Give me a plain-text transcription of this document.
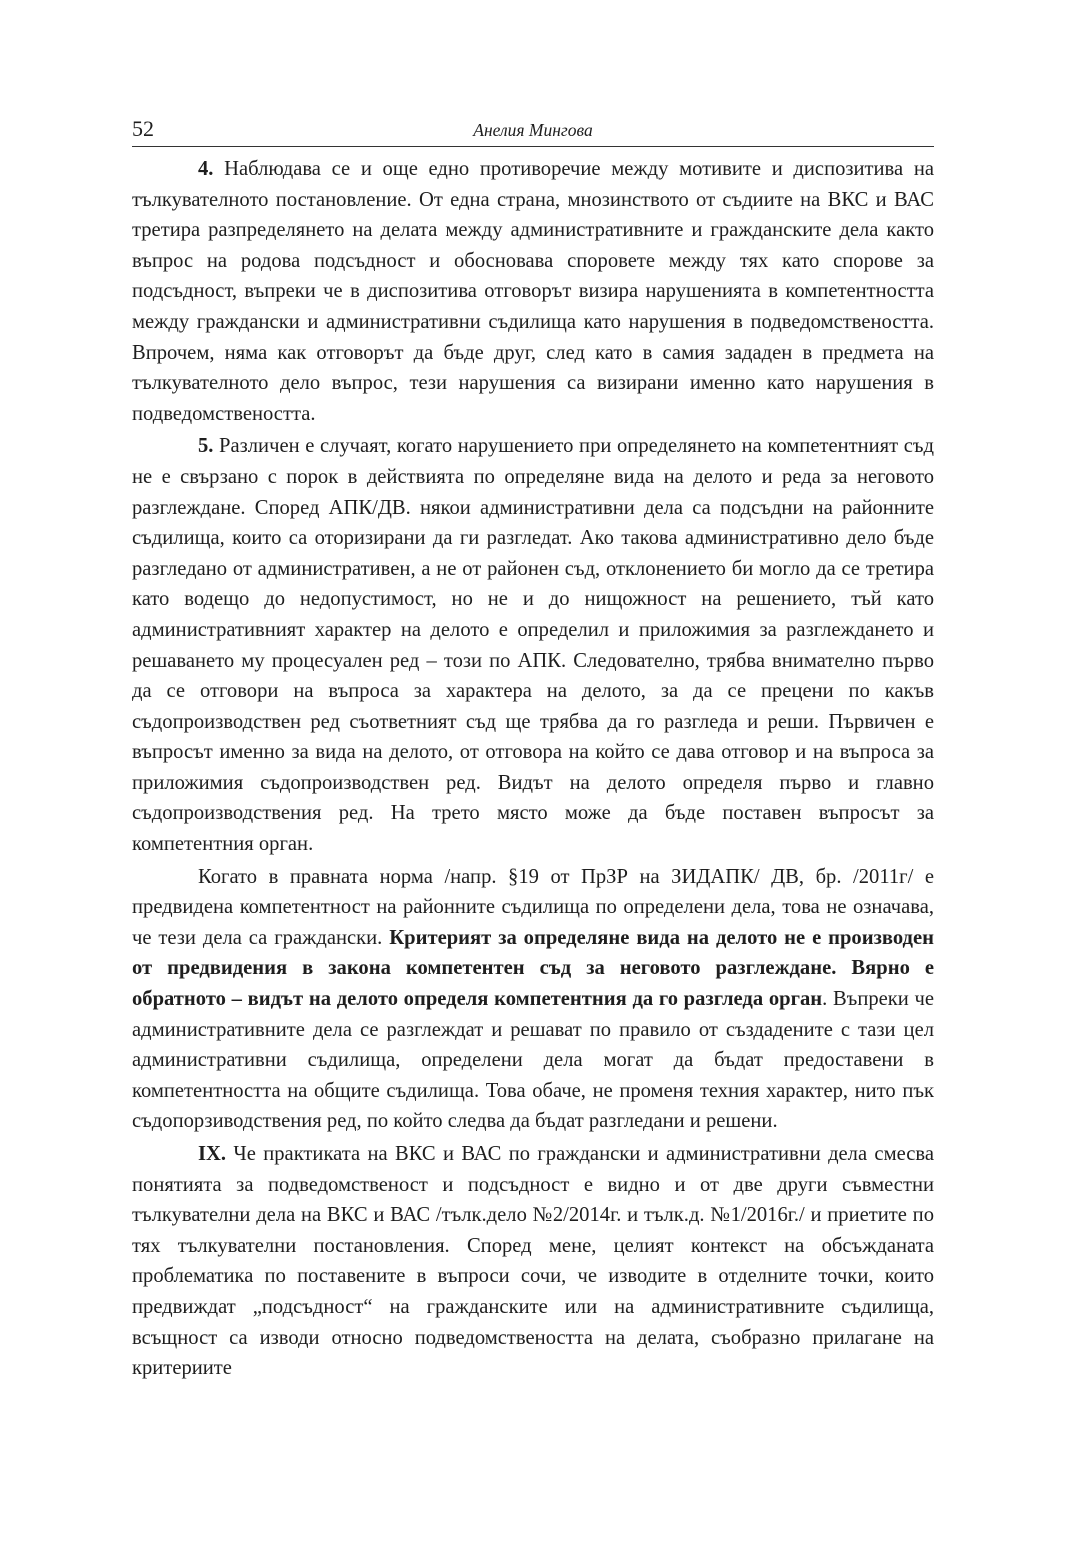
52	Анелия Мингова

4. Наблюдава се и още едно противоречие между мотивите и диспозитива на тълкувателното постановление. От една страна, мнозинството от съдиите на ВКС и ВАС третира разпределянето на делата между административните и гражданските дела както въпрос на родова подсъдност и обосновава споровете между тях като спорове за подсъдност, въпреки че в диспозитива отговорът визира нарушенията в компетентността между граждански и административни съдилища като нарушения в подведомствеността. Впрочем, няма как отговорът да бъде друг, след като в самия зададен в предмета на тълкувателното дело въпрос, тези нарушения са визирани именно като нарушения в подведомствеността.

5. Различен е случаят, когато нарушението при определянето на компетентният съд не е свързано с порок в действията по определяне вида на делото и реда за неговото разглеждане. Според АПК/ДВ. някои административни дела са подсъдни на районните съдилища, които са оторизирани да ги разгледат. Ако такова административно дело бъде разгледано от административен, а не от районен съд, отклонението би могло да се третира като водещо до недопустимост, но не и до нищожност на решението, тъй като административният характер на делото е определил и приложимия за разглеждането и решаването му процесуален ред – този по АПК. Следователно, трябва внимателно първо да се отговори на въпроса за характера на делото, за да се прецени по какъв съдопроизводствен ред съответният съд ще трябва да го разгледа и реши. Първичен е въпросът именно за вида на делото, от отговора на който се дава отговор и на въпроса за приложимия съдопроизводствен ред. Видът на делото определя първо и главно съдопроизводствения ред. На трето място може да бъде поставен въпросът за компетентния орган.

Когато в правната норма /напр. §19 от ПрЗР на ЗИДАПК/ ДВ, бр. /2011г/ е предвидена компетентност на районните съдилища по определени дела, това не означава, че тези дела са граждански. Критерият за определяне вида на делото не е производен от предвидения в закона компетентен съд за неговото разглеждане. Вярно е обратното – видът на делото определя компетентния да го разгледа орган. Въпреки че административните дела се разглеждат и решават по правило от създадените с тази цел административни съдилища, определени дела могат да бъдат предоставени в компетентността на общите съдилища. Това обаче, не променя техния характер, нито пък съдопорзиводствения ред, по който следва да бъдат разгледани и решени.

IX. Че практиката на ВКС и ВАС по граждански и административни дела смесва понятията за подведомственост и подсъдност е видно и от две други съвместни тълкувателни дела на ВКС и ВАС /тълк.дело №2/2014г. и тълк.д. №1/2016г./ и приетите по тях тълкувателни постановления. Според мене, целият контекст на обсъжданата проблематика по поставените в въпроси сочи, че изводите в отделните точки, които предвиждат „подсъдност“ на гражданските или на административните съдилища, всъщност са изводи относно подведомствеността на делата, съобразно прилагане на критериите
